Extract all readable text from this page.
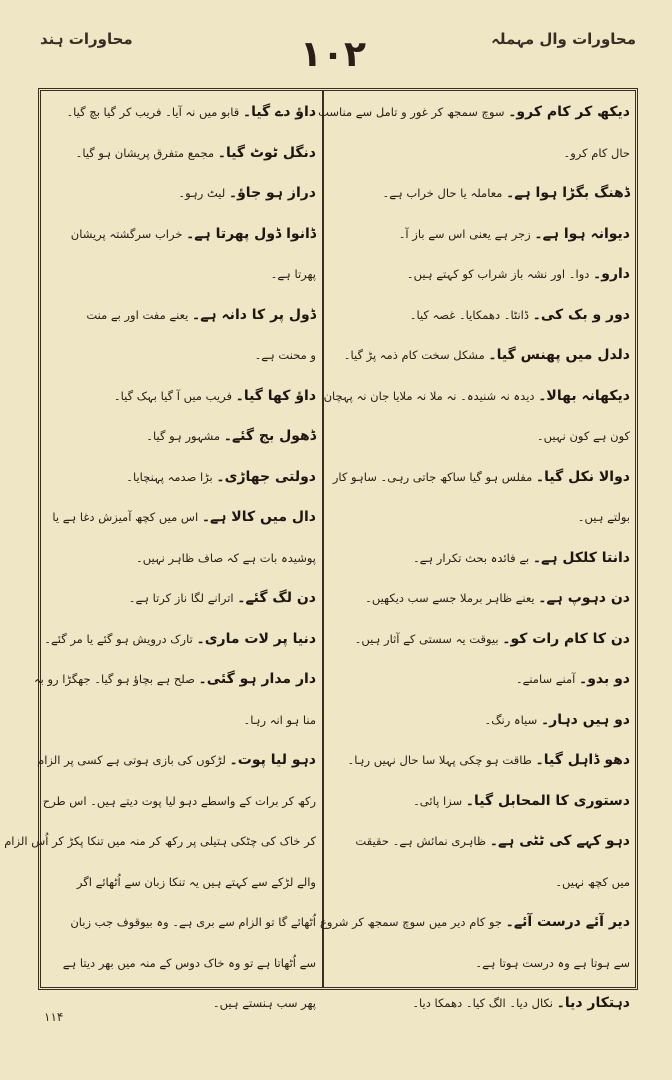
محاورات وال مہملہ
۱۰۲
محاورات ہند
دیکھ کر کام کرو۔ سوچ سمجھ کر غور و تامل سے مناسب
حال کام کرو۔
ڈھنگ بگڑا ہوا ہے۔ معاملہ یا حال خراب ہے۔
دیوانہ ہوا ہے۔ زجر ہے یعنی اس سے باز آ۔
دارو۔ دوا۔ اور نشہ باز شراب کو کہتے ہیں۔
دور و بک کی۔ ڈانٹا۔ دھمکایا۔ غصہ کیا۔
دلدل میں پھنس گیا۔ مشکل سخت کام ذمہ پڑ گیا۔
دیکھانہ بھالا۔ دیدہ نہ شنیدہ۔ نہ ملا نہ ملایا جان نہ پہچان
کون ہے کون نہیں۔
دوالا نکل گیا۔ مفلس ہو گیا ساکھ جاتی رہی۔ ساہو کار
بولتے ہیں۔
دانتا کلکل ہے۔ بے فائدہ بحث تکرار ہے۔
دن دہوپ ہے۔ یعنے ظاہر برملا جسے سب دیکھیں۔
دن کا کام رات کو۔ بیوقت یہ سستی کے آثار ہیں۔
دو بدو۔ آمنے سامنے۔
دو ہیں دہار۔ سیاہ رنگ۔
دھو ڈاہل گیا۔ طاقت ہو چکی پہلا سا حال نہیں رہا۔
دستوری کا المحابل گیا۔ سزا پائی۔
دہو کہے کی ٹٹی ہے۔ ظاہری نمائش ہے۔ حقیقت
میں کچھ نہیں۔
دیر آئے درست آئے۔ جو کام دیر میں سوچ سمجھ کر شروع
سے ہوتا ہے وہ درست ہوتا ہے۔
دہتکار دیا۔ نکال دیا۔ الگ کیا۔ دھمکا دیا۔
داؤ دے گیا۔ قابو میں نہ آیا۔ فریب کر گیا بچ گیا۔
دنگل ٹوٹ گیا۔ مجمع متفرق پریشان ہو گیا۔
دراز ہو جاؤ۔ لیٹ رہو۔
ڈانوا ڈول پھرتا ہے۔ خراب سرگشتہ پریشان
پھرتا ہے۔
ڈول پر کا دانہ ہے۔ یعنے مفت اور بے منت
و محنت ہے۔
داؤ کھا گیا۔ فریب میں آ گیا بہک گیا۔
ڈھول بج گئے۔ مشہور ہو گیا۔
دولتی جھاڑی۔ بڑا صدمہ پہنچایا۔
دال میں کالا ہے۔ اس میں کچھ آمیزش دغا ہے یا
پوشیدہ بات ہے کہ صاف ظاہر نہیں۔
دن لگ گئے۔ اترانے لگا ناز کرتا ہے۔
دنیا پر لات ماری۔ تارک درویش ہو گئے یا مر گئے۔
دار مدار ہو گئی۔ صلح ہے بچاؤ ہو گیا۔ جھگڑا رو بہ
منا ہو انہ رہا۔
دہو لیا پوت۔ لڑکوں کی بازی ہوتی ہے کسی پر الزام
رکھ کر برات کے واسطے دہو لیا پوت دیتے ہیں۔ اس طرح
کر خاک کی چٹکی ہتیلی پر رکھ کر منہ میں تنکا پکڑ کر اُس الزام
والے لڑکے سے کہتے ہیں یہ تنکا زبان سے اُٹھائے اگر
اُٹھائے گا تو الزام سے بری ہے۔ وہ بیوقوف جب زبان
سے اُٹھاتا ہے تو وہ خاک دوس کے منہ میں بھر دیتا ہے
پھر سب ہنستے ہیں۔
۱۱۴
